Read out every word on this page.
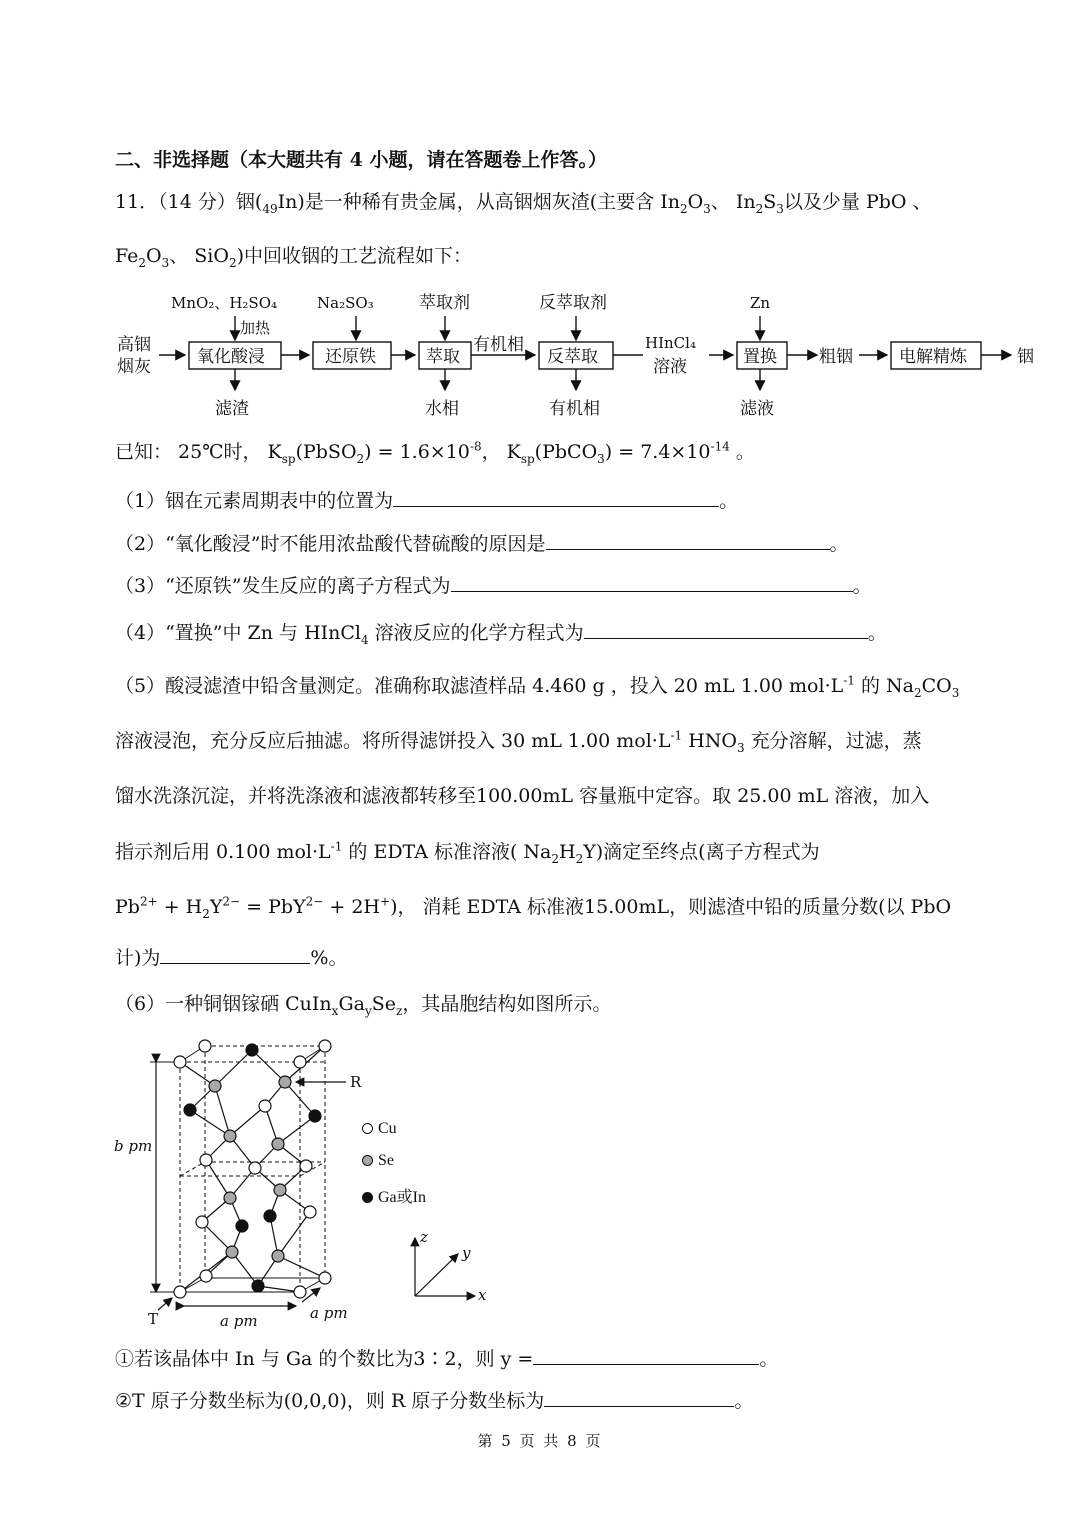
二、非选择题（本大题共有 4 小题，请在答题卷上作答。）
11．（14 分）铟$(_{49}In)$是一种稀有贵金属，从高铟烟灰渣(主要含 $In_2O_3$、 $In_2S_3$以及少量 PbO 、
$Fe_2O_3$、 SiO$_2$)中回收铟的工艺流程如下：
高铟
烟灰
MnO₂、H₂SO₄
加热
氧化酸浸
滤渣
Na₂SO₃
还原铁
萃取剂
萃取
水相
有机相
反萃取剂
反萃取
有机相
HInCl₄
溶液
Zn
置换
滤液
粗铟	电解精炼	铟
已知： 25℃时， $K_{sp}(PbSO_2) = 1.6\times 10^{-8}$， $K_{sp}(PbCO_3) = 7.4\times 10^{-14}$ 。
（1）铟在元素周期表中的位置为	。
（2）“氧化酸浸”时不能用浓盐酸代替硫酸的原因是	。
（3）“还原铁”发生反应的离子方程式为	。
（4）“置换”中 Zn 与 HInCl$_4$ 溶液反应的化学方程式为	。
（5）酸浸滤渣中铅含量测定。准确称取滤渣样品 4.460 g ，投入 20 mL 1.00 $mol\cdot L^{-1}$ 的 $Na_2CO_3$
溶液浸泡，充分反应后抽滤。将所得滤饼投入 30 mL 1.00 $mol\cdot L^{-1}$ $HNO_3$ 充分溶解，过滤，蒸
馏水洗涤沉淀，并将洗涤液和滤液都转移至100.00mL 容量瓶中定容。取 25.00 mL 溶液，加入
指示剂后用 0.100 $mol\cdot L^{-1}$ 的 EDTA 标准溶液( $Na_2H_2Y$)滴定至终点(离子方程式为
$Pb^{2+} + H_2Y^{2-} = PbY^{2-} + 2H^+$)， 消耗 EDTA 标准液15.00mL，则滤渣中铅的质量分数(以 PbO
计)为	%。
（6）一种铜铟镓硒 $CuIn_xGa_ySe_z$，其晶胞结构如图所示。
b pm
a pm	a pm
R
T
z
y
x
Cu
Se
Ga或In
①若该晶体中 In 与 Ga 的个数比为3∶2，则 y =	。
②T 原子分数坐标为(0,0,0)，则 R 原子分数坐标为	。
第 5 页 共 8 页
